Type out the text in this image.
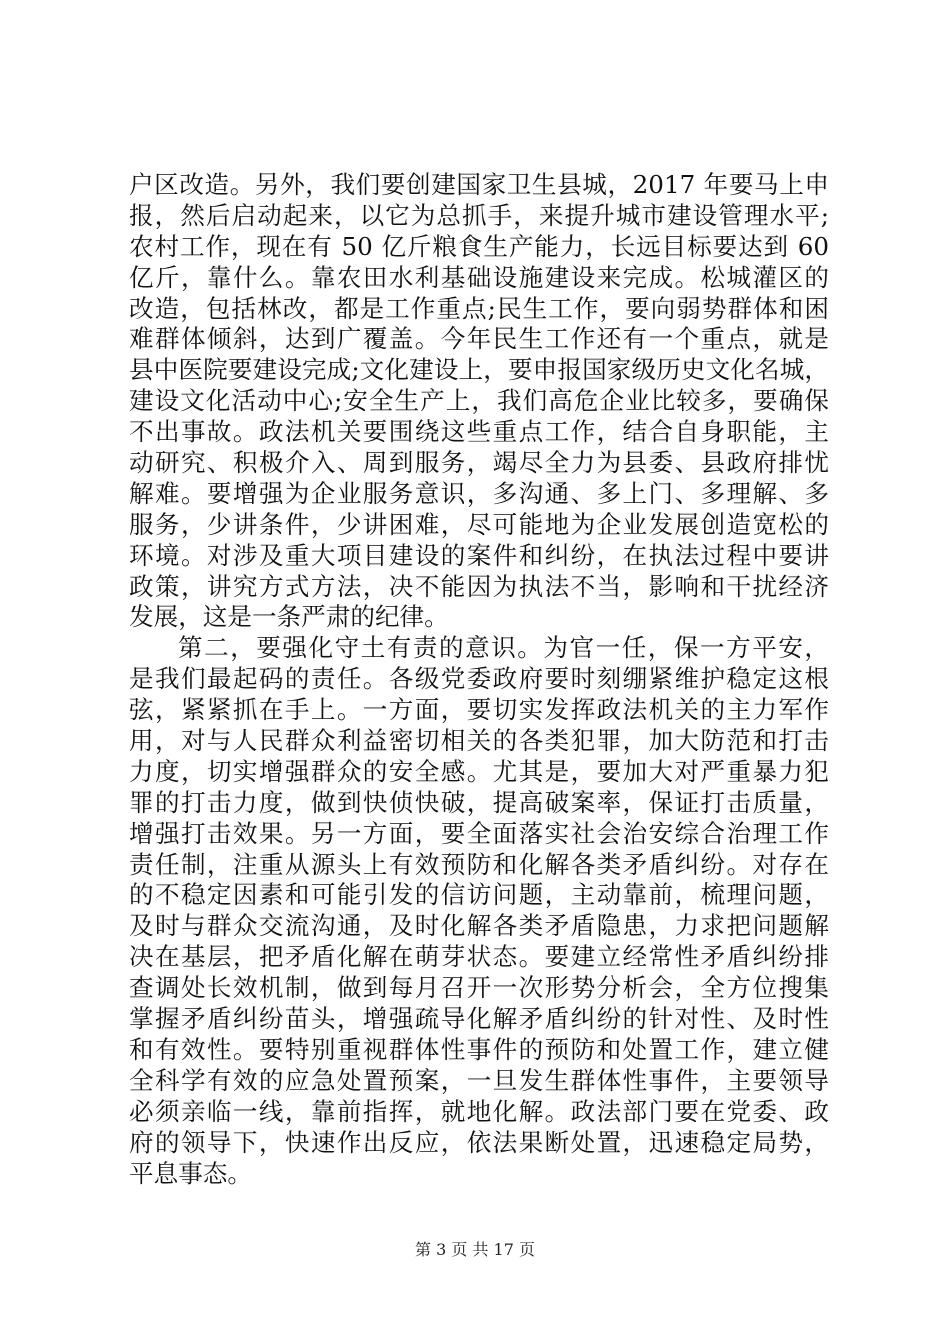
户区改造。另外，我们要创建国家卫生县城，2017 年要马上申
报，然后启动起来，以它为总抓手，来提升城市建设管理水平;
农村工作，现在有 50 亿斤粮食生产能力，长远目标要达到 60
亿斤，靠什么。靠农田水利基础设施建设来完成。松城灌区的
改造，包括林改，都是工作重点;民生工作，要向弱势群体和困
难群体倾斜，达到广覆盖。今年民生工作还有一个重点，就是
县中医院要建设完成;文化建设上，要申报国家级历史文化名城，
建设文化活动中心;安全生产上，我们高危企业比较多，要确保
不出事故。政法机关要围绕这些重点工作，结合自身职能，主
动研究、积极介入、周到服务，竭尽全力为县委、县政府排忧
解难。要增强为企业服务意识，多沟通、多上门、多理解、多
服务，少讲条件，少讲困难，尽可能地为企业发展创造宽松的
环境。对涉及重大项目建设的案件和纠纷，在执法过程中要讲
政策，讲究方式方法，决不能因为执法不当，影响和干扰经济
发展，这是一条严肃的纪律。
第二，要强化守土有责的意识。为官一任，保一方平安，
是我们最起码的责任。各级党委政府要时刻绷紧维护稳定这根
弦，紧紧抓在手上。一方面，要切实发挥政法机关的主力军作
用，对与人民群众利益密切相关的各类犯罪，加大防范和打击
力度，切实增强群众的安全感。尤其是，要加大对严重暴力犯
罪的打击力度，做到快侦快破，提高破案率，保证打击质量，
增强打击效果。另一方面，要全面落实社会治安综合治理工作
责任制，注重从源头上有效预防和化解各类矛盾纠纷。对存在
的不稳定因素和可能引发的信访问题，主动靠前，梳理问题，
及时与群众交流沟通，及时化解各类矛盾隐患，力求把问题解
决在基层，把矛盾化解在萌芽状态。要建立经常性矛盾纠纷排
查调处长效机制，做到每月召开一次形势分析会，全方位搜集
掌握矛盾纠纷苗头，增强疏导化解矛盾纠纷的针对性、及时性
和有效性。要特别重视群体性事件的预防和处置工作，建立健
全科学有效的应急处置预案，一旦发生群体性事件，主要领导
必须亲临一线，靠前指挥，就地化解。政法部门要在党委、政
府的领导下，快速作出反应，依法果断处置，迅速稳定局势，
平息事态。
第 3 页 共 17 页
